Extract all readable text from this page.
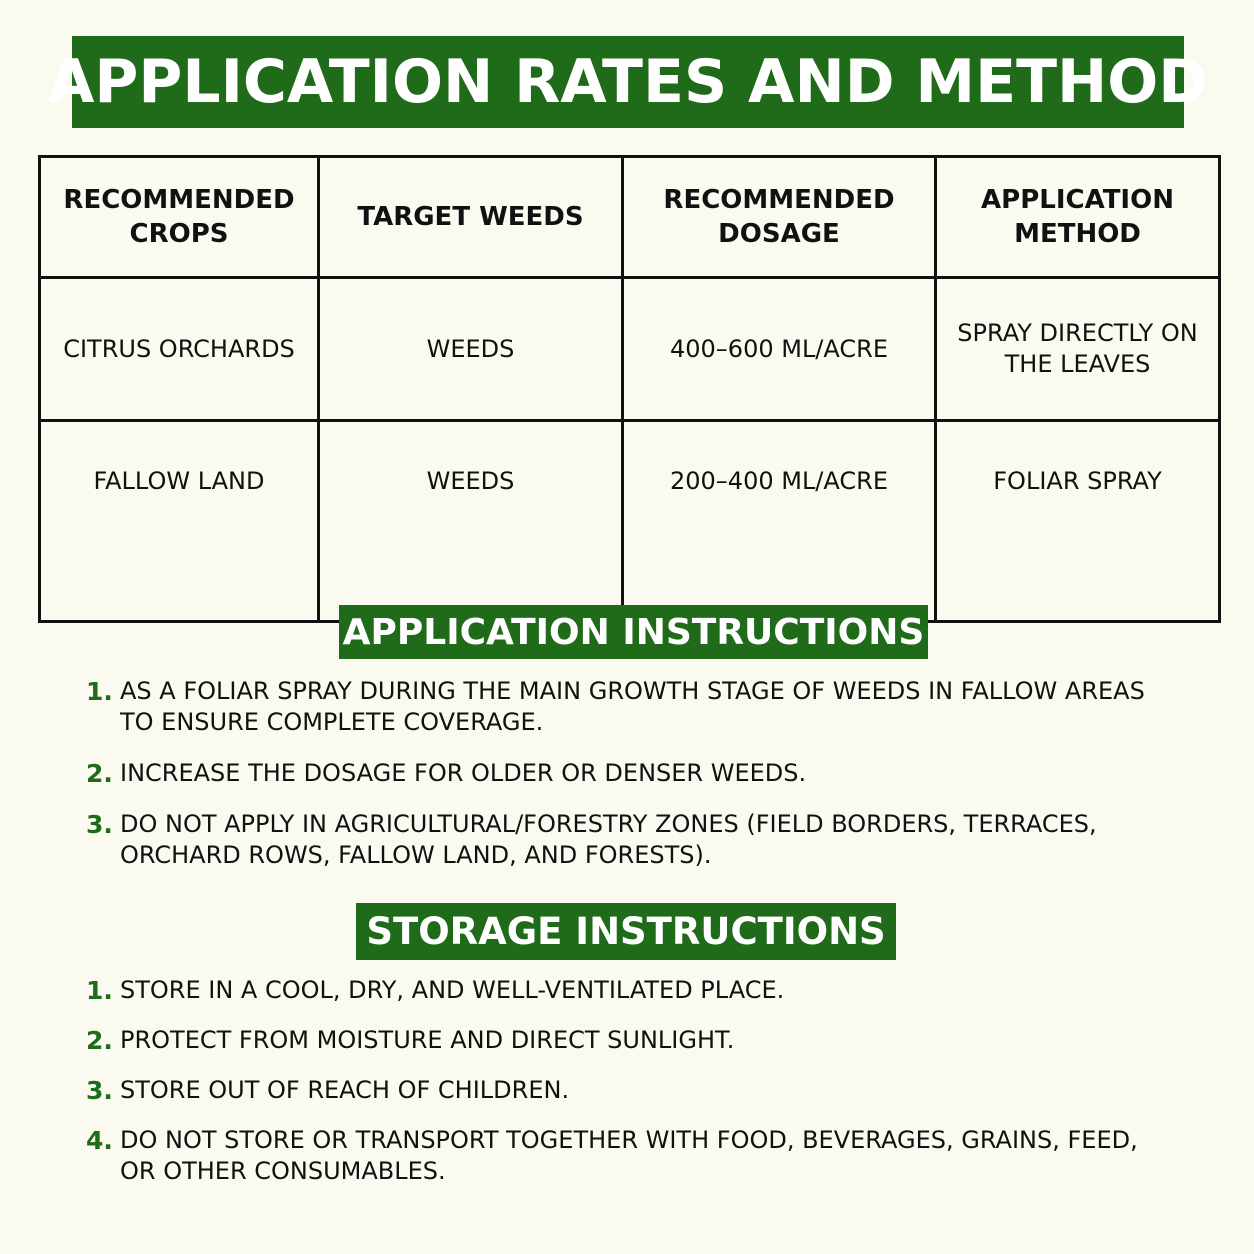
APPLICATION RATES AND METHOD
RECOMMENDED CROPS	TARGET WEEDS	RECOMMENDED DOSAGE	APPLICATION METHOD
CITRUS ORCHARDS	WEEDS	400–600 ML/ACRE	SPRAY DIRECTLY ON THE LEAVES
FALLOW LAND	WEEDS	200–400 ML/ACRE	FOLIAR SPRAY
APPLICATION INSTRUCTIONS
1. AS A FOLIAR SPRAY DURING THE MAIN GROWTH STAGE OF WEEDS IN FALLOW AREAS TO ENSURE COMPLETE COVERAGE.
2. INCREASE THE DOSAGE FOR OLDER OR DENSER WEEDS.
3. DO NOT APPLY IN AGRICULTURAL/FORESTRY ZONES (FIELD BORDERS, TERRACES, ORCHARD ROWS, FALLOW LAND, AND FORESTS).
STORAGE INSTRUCTIONS
1. STORE IN A COOL, DRY, AND WELL-VENTILATED PLACE.
2. PROTECT FROM MOISTURE AND DIRECT SUNLIGHT.
3. STORE OUT OF REACH OF CHILDREN.
4. DO NOT STORE OR TRANSPORT TOGETHER WITH FOOD, BEVERAGES, GRAINS, FEED, OR OTHER CONSUMABLES.
